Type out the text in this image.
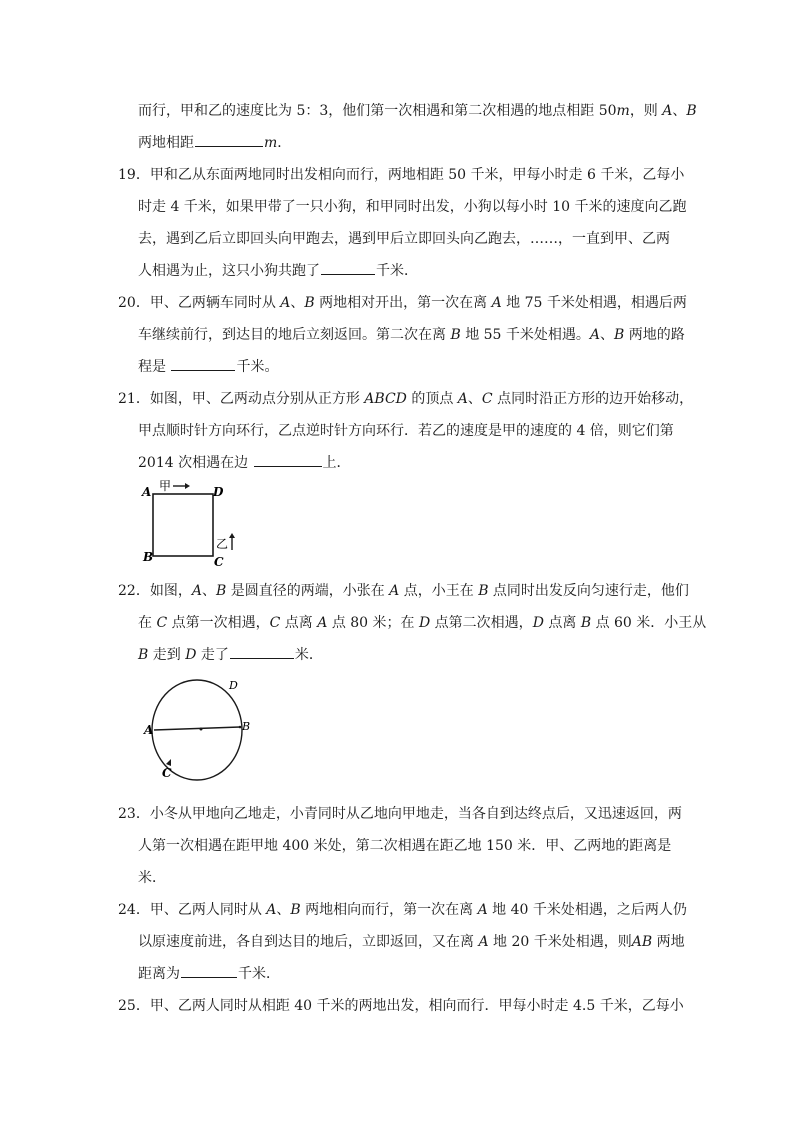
而行，甲和乙的速度比为 5：3，他们第一次相遇和第二次相遇的地点相距 50m，则 A、B
两地相距	m．
19．甲和乙从东面两地同时出发相向而行，两地相距 50 千米，甲每小时走 6 千米，乙每小
时走 4 千米，如果甲带了一只小狗，和甲同时出发，小狗以每小时 10 千米的速度向乙跑
去，遇到乙后立即回头向甲跑去，遇到甲后立即回头向乙跑去，……，一直到甲、乙两
人相遇为止，这只小狗共跑了	千米．
20．甲、乙两辆车同时从 A、B 两地相对开出，第一次在离 A 地 75 千米处相遇，相遇后两
车继续前行，到达目的地后立刻返回。第二次在离 B 地 55 千米处相遇。A、B 两地的路
程是	千米。
21．如图，甲、乙两动点分别从正方形 ABCD 的顶点 A、C 点同时沿正方形的边开始移动，
甲点顺时针方向环行，乙点逆时针方向环行．若乙的速度是甲的速度的 4 倍，则它们第
2014 次相遇在边	上．
A	D
B	C
甲
乙
22．如图，A、B 是圆直径的两端，小张在 A 点，小王在 B 点同时出发反向匀速行走，他们
在 C 点第一次相遇，C 点离 A 点 80 米；在 D 点第二次相遇，D 点离 B 点 60 米．小王从
B 走到 D 走了	米．
A	B
D
C
23．小冬从甲地向乙地走，小青同时从乙地向甲地走，当各自到达终点后，又迅速返回，两
人第一次相遇在距甲地 400 米处，第二次相遇在距乙地 150 米．甲、乙两地的距离是
米．
24．甲、乙两人同时从 A、B 两地相向而行，第一次在离 A 地 40 千米处相遇，之后两人仍
以原速度前进，各自到达目的地后，立即返回，又在离 A 地 20 千米处相遇，则AB 两地
距离为	千米．
25．甲、乙两人同时从相距 40 千米的两地出发，相向而行．甲每小时走 4.5 千米，乙每小
